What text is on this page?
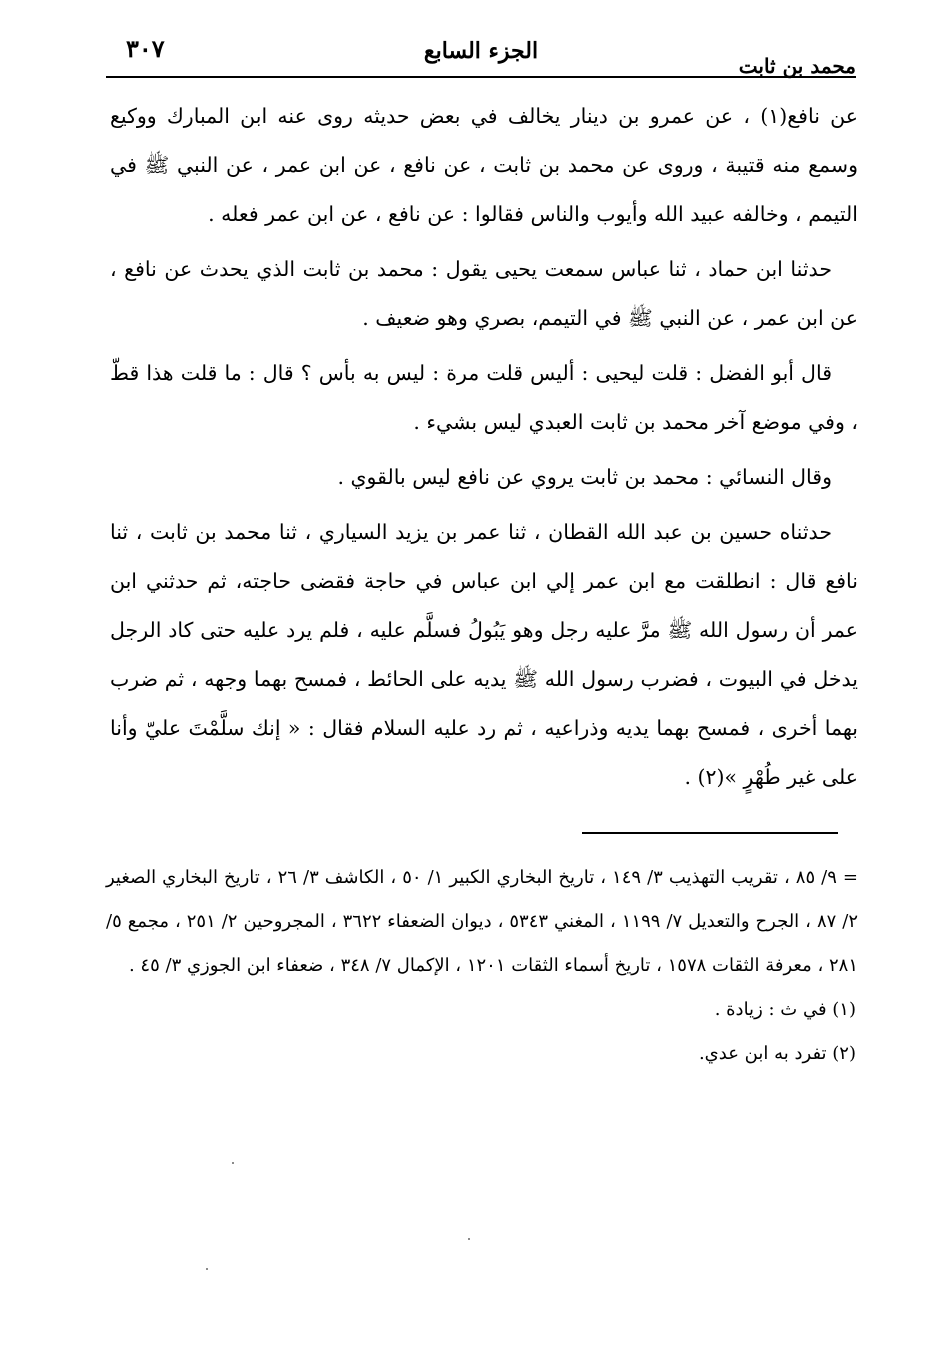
٣٠٧	الجزء السابع
محمد بن ثابت

عن نافع(١) ، عن عمرو بن دينار يخالف في بعض حديثه روى عنه ابن المبارك ووكيع وسمع منه قتيبة ، وروى عن محمد بن ثابت ، عن نافع ، عن ابن عمر ، عن النبي ﷺ في التيمم ، وخالفه عبيد الله وأيوب والناس فقالوا : عن نافع ، عن ابن عمر فعله .

حدثنا ابن حماد ، ثنا عباس سمعت يحيى يقول : محمد بن ثابت الذي يحدث عن نافع ، عن ابن عمر ، عن النبي ﷺ في التيمم، بصري وهو ضعيف .

قال أبو الفضل : قلت ليحيى : أليس قلت مرة : ليس به بأس ؟ قال : ما قلت هذا قطّ ، وفي موضع آخر محمد بن ثابت العبدي ليس بشيء .

وقال النسائي : محمد بن ثابت يروي عن نافع ليس بالقوي .

حدثناه حسين بن عبد الله القطان ، ثنا عمر بن يزيد السياري ، ثنا محمد بن ثابت ، ثنا نافع قال : انطلقت مع ابن عمر إلي ابن عباس في حاجة فقضى حاجته، ثم حدثني ابن عمر أن رسول الله ﷺ مرَّ عليه رجل وهو يَبُولُ فسلَّم عليه ، فلم يرد عليه حتى كاد الرجل يدخل في البيوت ، فضرب رسول الله ﷺ يديه على الحائط ، فمسح بهما وجهه ، ثم ضرب بهما أخرى ، فمسح بهما يديه وذراعيه ، ثم رد عليه السلام فقال : « إنك سلَّمْتَ عليّ وأنا على غير طُهْرٍ »(٢) .

= ٩/ ٨٥ ، تقريب التهذيب ٣/ ١٤٩ ، تاريخ البخاري الكبير ١/ ٥٠ ، الكاشف ٣/ ٢٦ ، تاريخ البخاري الصغير ٢/ ٨٧ ، الجرح والتعديل ٧/ ١١٩٩ ، المغني ٥٣٤٣ ، ديوان الضعفاء ٣٦٢٢ ، المجروحين ٢/ ٢٥١ ، مجمع ٥/ ٢٨١ ، معرفة الثقات ١٥٧٨ ، تاريخ أسماء الثقات ١٢٠١ ، الإكمال ٧/ ٣٤٨ ، ضعفاء ابن الجوزي ٣/ ٤٥ .

(١) في ث : زيادة .

(٢) تفرد به ابن عدي.
